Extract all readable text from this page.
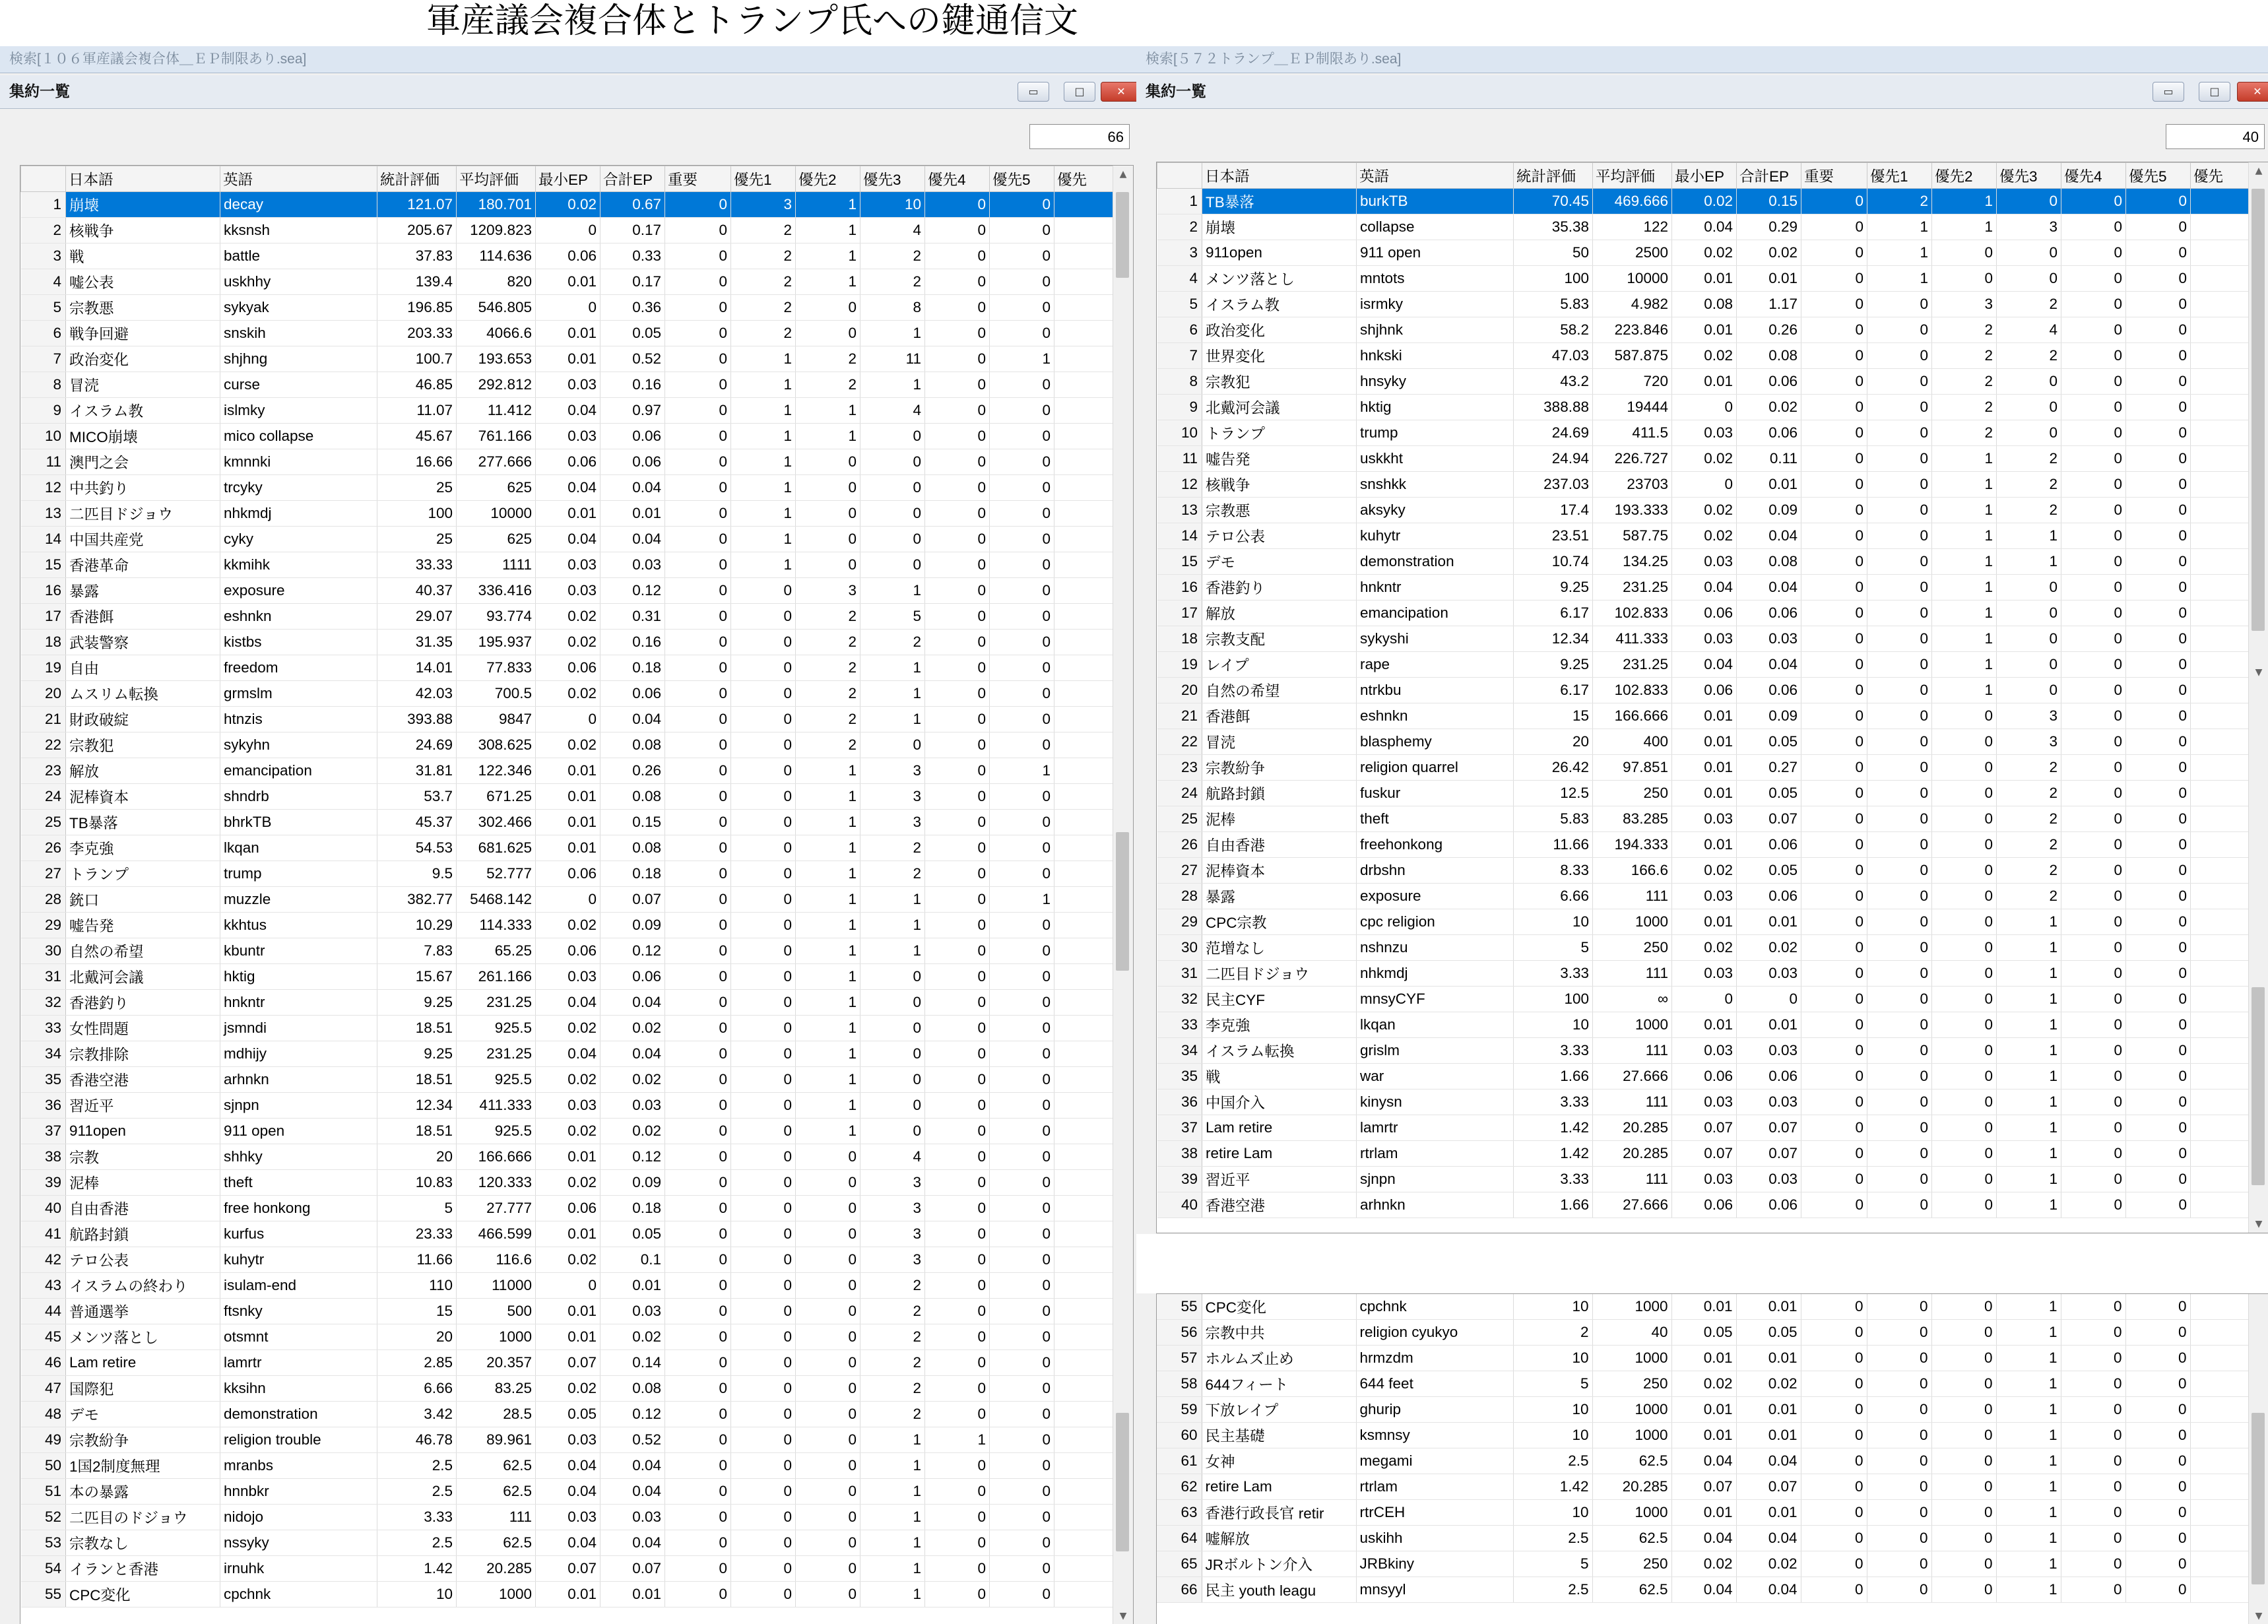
軍産議会複合体とトランプ氏への鍵通信文
検索[１０６軍産議会複合体＿ＥＰ制限あり.sea]
集約一覧	▭	□	✕
66
	日本語	英語	統計評価	平均評価	最小EP	合計EP	重要	優先1	優先2	優先3	優先4	優先5	優先
1	崩壊	decay	121.07	180.701	0.02	0.67	0	3	1	10	0	0	
2	核戦争	kksnsh	205.67	1209.823	0	0.17	0	2	1	4	0	0	
3	戦	battle	37.83	114.636	0.06	0.33	0	2	1	2	0	0	
4	嘘公表	uskhhy	139.4	820	0.01	0.17	0	2	1	2	0	0	
5	宗教悪	sykyak	196.85	546.805	0	0.36	0	2	0	8	0	0	
6	戦争回避	snskih	203.33	4066.6	0.01	0.05	0	2	0	1	0	0	
7	政治変化	shjhng	100.7	193.653	0.01	0.52	0	1	2	11	0	1	
8	冒涜	curse	46.85	292.812	0.03	0.16	0	1	2	1	0	0	
9	イスラム教	islmky	11.07	11.412	0.04	0.97	0	1	1	4	0	0	
10	MICO崩壊	mico collapse	45.67	761.166	0.03	0.06	0	1	1	0	0	0	
11	澳門之会	kmnnki	16.66	277.666	0.06	0.06	0	1	0	0	0	0	
12	中共釣り	trcyky	25	625	0.04	0.04	0	1	0	0	0	0	
13	二匹目ドジョウ	nhkmdj	100	10000	0.01	0.01	0	1	0	0	0	0	
14	中国共産党	cyky	25	625	0.04	0.04	0	1	0	0	0	0	
15	香港革命	kkmihk	33.33	1111	0.03	0.03	0	1	0	0	0	0	
16	暴露	exposure	40.37	336.416	0.03	0.12	0	0	3	1	0	0	
17	香港餌	eshnkn	29.07	93.774	0.02	0.31	0	0	2	5	0	0	
18	武装警察	kistbs	31.35	195.937	0.02	0.16	0	0	2	2	0	0	
19	自由	freedom	14.01	77.833	0.06	0.18	0	0	2	1	0	0	
20	ムスリム転換	grmslm	42.03	700.5	0.02	0.06	0	0	2	1	0	0	
21	財政破綻	htnzis	393.88	9847	0	0.04	0	0	2	1	0	0	
22	宗教犯	sykyhn	24.69	308.625	0.02	0.08	0	0	2	0	0	0	
23	解放	emancipation	31.81	122.346	0.01	0.26	0	0	1	3	0	1	
24	泥棒資本	shndrb	53.7	671.25	0.01	0.08	0	0	1	3	0	0	
25	TB暴落	bhrkTB	45.37	302.466	0.01	0.15	0	0	1	3	0	0	
26	李克強	lkqan	54.53	681.625	0.01	0.08	0	0	1	2	0	0	
27	トランプ	trump	9.5	52.777	0.06	0.18	0	0	1	2	0	0	
28	銃口	muzzle	382.77	5468.142	0	0.07	0	0	1	1	0	1	
29	嘘告発	kkhtus	10.29	114.333	0.02	0.09	0	0	1	1	0	0	
30	自然の希望	kbuntr	7.83	65.25	0.06	0.12	0	0	1	1	0	0	
31	北戴河会議	hktig	15.67	261.166	0.03	0.06	0	0	1	0	0	0	
32	香港釣り	hnkntr	9.25	231.25	0.04	0.04	0	0	1	0	0	0	
33	女性問題	jsmndi	18.51	925.5	0.02	0.02	0	0	1	0	0	0	
34	宗教排除	mdhijy	9.25	231.25	0.04	0.04	0	0	1	0	0	0	
35	香港空港	arhnkn	18.51	925.5	0.02	0.02	0	0	1	0	0	0	
36	習近平	sjnpn	12.34	411.333	0.03	0.03	0	0	1	0	0	0	
37	911open	911 open	18.51	925.5	0.02	0.02	0	0	1	0	0	0	
38	宗教	shhky	20	166.666	0.01	0.12	0	0	0	4	0	0	
39	泥棒	theft	10.83	120.333	0.02	0.09	0	0	0	3	0	0	
40	自由香港	free honkong	5	27.777	0.06	0.18	0	0	0	3	0	0	
41	航路封鎖	kurfus	23.33	466.599	0.01	0.05	0	0	0	3	0	0	
42	テロ公表	kuhytr	11.66	116.6	0.02	0.1	0	0	0	3	0	0	
43	イスラムの終わり	isulam-end	110	11000	0	0.01	0	0	0	2	0	0	
44	普通選挙	ftsnky	15	500	0.01	0.03	0	0	0	2	0	0	
45	メンツ落とし	otsmnt	20	1000	0.01	0.02	0	0	0	2	0	0	
46	Lam retire	lamrtr	2.85	20.357	0.07	0.14	0	0	0	2	0	0	
47	国際犯	kksihn	6.66	83.25	0.02	0.08	0	0	0	2	0	0	
48	デモ	demonstration	3.42	28.5	0.05	0.12	0	0	0	2	0	0	
49	宗教紛争	religion trouble	46.78	89.961	0.03	0.52	0	0	0	1	1	0	
50	1国2制度無理	mranbs	2.5	62.5	0.04	0.04	0	0	0	1	0	0	
51	本の暴露	hnnbkr	2.5	62.5	0.04	0.04	0	0	0	1	0	0	
52	二匹目のドジョウ	nidojo	3.33	111	0.03	0.03	0	0	0	1	0	0	
53	宗教なし	nssyky	2.5	62.5	0.04	0.04	0	0	0	1	0	0	
54	イランと香港	irnuhk	1.42	20.285	0.07	0.07	0	0	0	1	0	0	
55	CPC変化	cpchnk	10	1000	0.01	0.01	0	0	0	1	0	0	
▲
▼
検索[５７２トランプ＿ＥＰ制限あり.sea]
集約一覧	▭	□	✕
40
	日本語	英語	統計評価	平均評価	最小EP	合計EP	重要	優先1	優先2	優先3	優先4	優先5	優先
1	TB暴落	burkTB	70.45	469.666	0.02	0.15	0	2	1	0	0	0	
2	崩壊	collapse	35.38	122	0.04	0.29	0	1	1	3	0	0	
3	911open	911 open	50	2500	0.02	0.02	0	1	0	0	0	0	
4	メンツ落とし	mntots	100	10000	0.01	0.01	0	1	0	0	0	0	
5	イスラム教	isrmky	5.83	4.982	0.08	1.17	0	0	3	2	0	0	
6	政治変化	shjhnk	58.2	223.846	0.01	0.26	0	0	2	4	0	0	
7	世界変化	hnkski	47.03	587.875	0.02	0.08	0	0	2	2	0	0	
8	宗教犯	hnsyky	43.2	720	0.01	0.06	0	0	2	0	0	0	
9	北戴河会議	hktig	388.88	19444	0	0.02	0	0	2	0	0	0	
10	トランプ	trump	24.69	411.5	0.03	0.06	0	0	2	0	0	0	
11	嘘告発	uskkht	24.94	226.727	0.02	0.11	0	0	1	2	0	0	
12	核戦争	snshkk	237.03	23703	0	0.01	0	0	1	2	0	0	
13	宗教悪	aksyky	17.4	193.333	0.02	0.09	0	0	1	2	0	0	
14	テロ公表	kuhytr	23.51	587.75	0.02	0.04	0	0	1	1	0	0	
15	デモ	demonstration	10.74	134.25	0.03	0.08	0	0	1	1	0	0	
16	香港釣り	hnkntr	9.25	231.25	0.04	0.04	0	0	1	0	0	0	
17	解放	emancipation	6.17	102.833	0.06	0.06	0	0	1	0	0	0	
18	宗教支配	sykyshi	12.34	411.333	0.03	0.03	0	0	1	0	0	0	
19	レイプ	rape	9.25	231.25	0.04	0.04	0	0	1	0	0	0	
20	自然の希望	ntrkbu	6.17	102.833	0.06	0.06	0	0	1	0	0	0	
21	香港餌	eshnkn	15	166.666	0.01	0.09	0	0	0	3	0	0	
22	冒涜	blasphemy	20	400	0.01	0.05	0	0	0	3	0	0	
23	宗教紛争	religion quarrel	26.42	97.851	0.01	0.27	0	0	0	2	0	0	
24	航路封鎖	fuskur	12.5	250	0.01	0.05	0	0	0	2	0	0	
25	泥棒	theft	5.83	83.285	0.03	0.07	0	0	0	2	0	0	
26	自由香港	freehonkong	11.66	194.333	0.01	0.06	0	0	0	2	0	0	
27	泥棒資本	drbshn	8.33	166.6	0.02	0.05	0	0	0	2	0	0	
28	暴露	exposure	6.66	111	0.03	0.06	0	0	0	2	0	0	
29	CPC宗教	cpc religion	10	1000	0.01	0.01	0	0	0	1	0	0	
30	范增なし	nshnzu	5	250	0.02	0.02	0	0	0	1	0	0	
31	二匹目ドジョウ	nhkmdj	3.33	111	0.03	0.03	0	0	0	1	0	0	
32	民主CYF	mnsyCYF	100	∞	0	0	0	0	0	1	0	0	
33	李克強	lkqan	10	1000	0.01	0.01	0	0	0	1	0	0	
34	イスラム転換	grislm	3.33	111	0.03	0.03	0	0	0	1	0	0	
35	戦	war	1.66	27.666	0.06	0.06	0	0	0	1	0	0	
36	中国介入	kinysn	3.33	111	0.03	0.03	0	0	0	1	0	0	
37	Lam retire	lamrtr	1.42	20.285	0.07	0.07	0	0	0	1	0	0	
38	retire Lam	rtrlam	1.42	20.285	0.07	0.07	0	0	0	1	0	0	
39	習近平	sjnpn	3.33	111	0.03	0.03	0	0	0	1	0	0	
40	香港空港	arhnkn	1.66	27.666	0.06	0.06	0	0	0	1	0	0	
▲
▼
▼
55	CPC変化	cpchnk	10	1000	0.01	0.01	0	0	0	1	0	0	
56	宗教中共	religion cyukyo	2	40	0.05	0.05	0	0	0	1	0	0	
57	ホルムズ止め	hrmzdm	10	1000	0.01	0.01	0	0	0	1	0	0	
58	644フィート	644 feet	5	250	0.02	0.02	0	0	0	1	0	0	
59	下放レイプ	ghurip	10	1000	0.01	0.01	0	0	0	1	0	0	
60	民主基礎	ksmnsy	10	1000	0.01	0.01	0	0	0	1	0	0	
61	女神	megami	2.5	62.5	0.04	0.04	0	0	0	1	0	0	
62	retire Lam	rtrlam	1.42	20.285	0.07	0.07	0	0	0	1	0	0	
63	香港行政長官 retir	rtrCEH	10	1000	0.01	0.01	0	0	0	1	0	0	
64	嘘解放	uskihh	2.5	62.5	0.04	0.04	0	0	0	1	0	0	
65	JRボルトン介入	JRBkiny	5	250	0.02	0.02	0	0	0	1	0	0	
66	民主 youth leagu	mnsyyl	2.5	62.5	0.04	0.04	0	0	0	1	0	0	
▼
